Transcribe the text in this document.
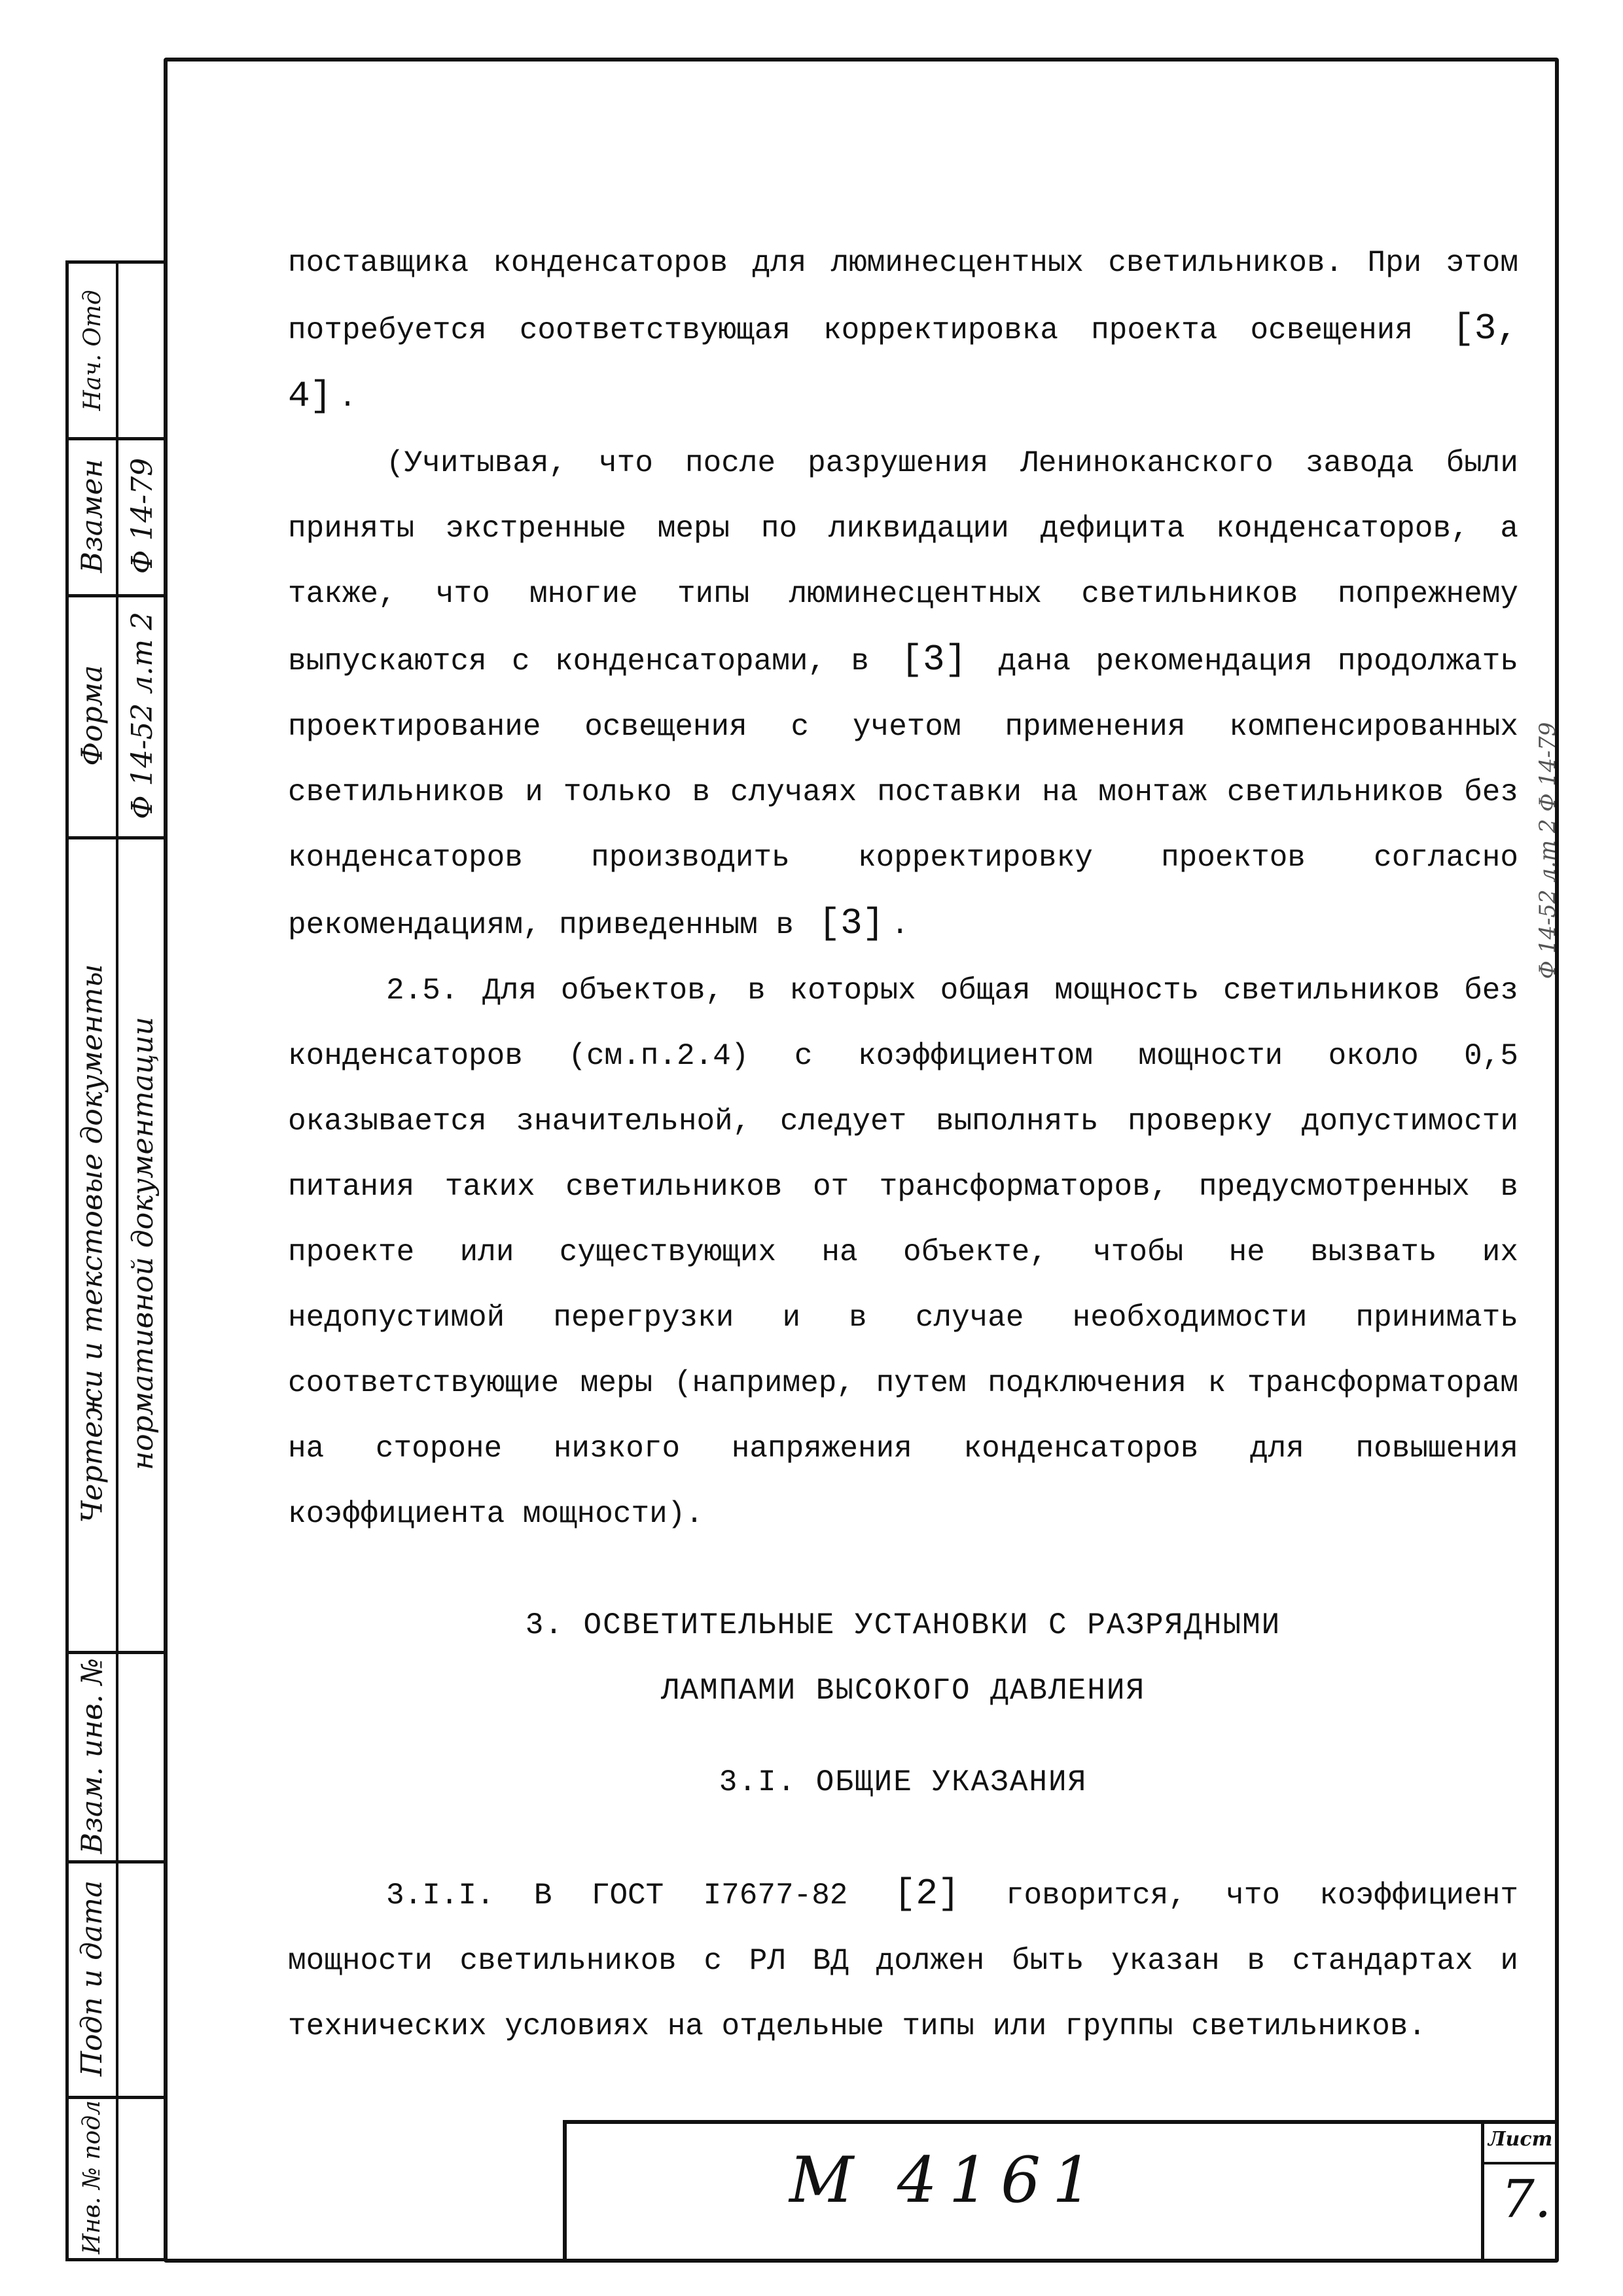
Нач. Отд
Взамен Ф 14-79
Форма Ф 14-52 л.т 2
Чертежи и текстовые документы нормативной документации
Взам. инв. №
Подп и дата
Инв. № подл
Ф 14-52 л.т 2 Ф 14-79

поставщика конденсаторов для люминесцентных светильников. При этом потребуется соответствующая корректировка проекта освещения [3, 4] .

(Учитывая, что после разрушения Лениноканского завода были приняты экстренные меры по ликвидации дефицита конденсаторов, а также, что многие типы люминесцентных светильников попрежнему выпускаются с конденсаторами, в [3] дана рекомендация продолжать проектирование освещения с учетом применения компенсированных светильников и только в случаях поставки на монтаж светильников без конденсаторов производить корректировку проектов согласно рекомендациям, приведенным в [3] .

2.5. Для объектов, в которых общая мощность светильников без конденсаторов (см.п.2.4) с коэффициентом мощности около 0,5 оказывается значительной, следует выполнять проверку допустимости питания таких светильников от трансформаторов, предусмотренных в проекте или существующих на объекте, чтобы не вызвать их недопустимой перегрузки и в случае необходимости принимать соответствующие меры (например, путем подключения к трансформаторам на стороне низкого напряжения конденсаторов для повышения коэффициента мощности).

3. ОСВЕТИТЕЛЬНЫЕ УСТАНОВКИ С РАЗРЯДНЫМИ

ЛАМПАМИ ВЫСОКОГО ДАВЛЕНИЯ

3.I. ОБЩИЕ УКАЗАНИЯ

3.I.I. В ГОСТ I7677-82 [2] говорится, что коэффициент мощности светильников с РЛ ВД должен быть указан в стандартах и технических условиях на отдельные типы или группы светильников.

М 4161
Лист
7.
